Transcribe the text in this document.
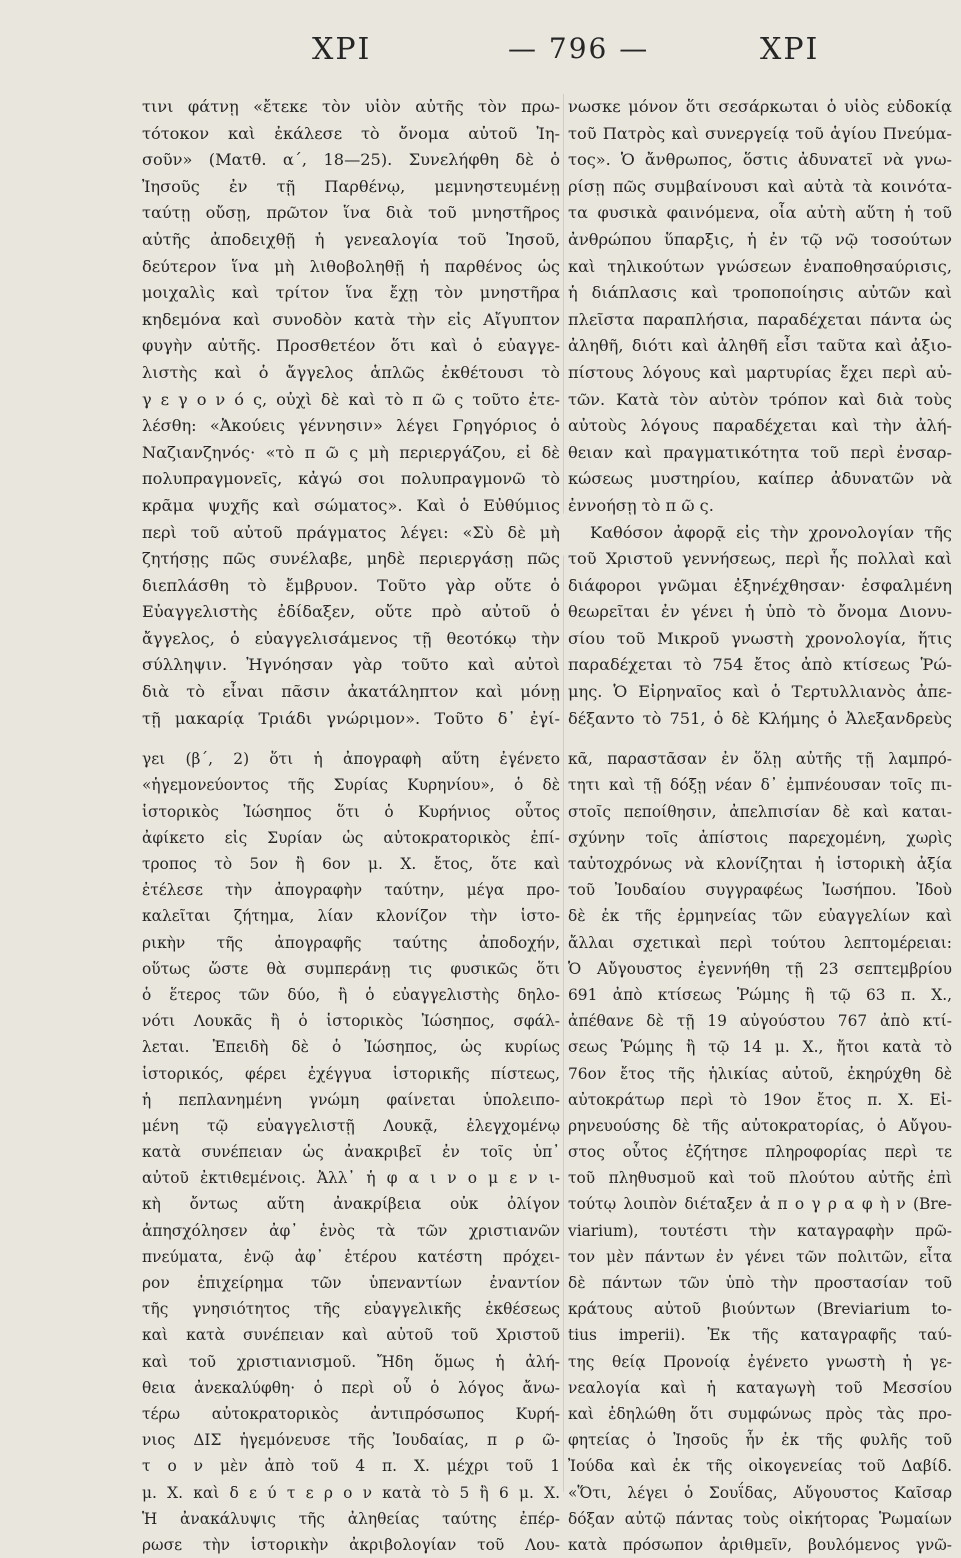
ΧΡΙ	— 796 —	ΧΡΙ
τινι φάτνῃ «ἔτεκε τὸν υἱὸν αὐτῆς τὸν πρω-
τότοκον καὶ ἐκάλεσε τὸ ὄνομα αὐτοῦ Ἰη-
σοῦν» (Ματθ. α΄, 18—25). Συνελήφθη δὲ ὁ
Ἰησοῦς ἐν τῇ Παρθένῳ, μεμνηστευμένῃ
ταύτῃ οὔσῃ, πρῶτον ἵνα διὰ τοῦ μνηστῆρος
αὐτῆς ἀποδειχθῇ ἡ γενεαλογία τοῦ Ἰησοῦ,
δεύτερον ἵνα μὴ λιθοβοληθῇ ἡ παρθένος ὡς
μοιχαλὶς καὶ τρίτον ἵνα ἔχῃ τὸν μνηστῆρα
κηδεμόνα καὶ συνοδὸν κατὰ τὴν εἰς Αἴγυπτον
φυγὴν αὐτῆς. Προσθετέον ὅτι καὶ ὁ εὐαγγε-
λιστὴς καὶ ὁ ἄγγελος ἁπλῶς ἐκθέτουσι τὸ
γ ε γ ο ν ό ς, οὐχὶ δὲ καὶ τὸ π ῶ ς τοῦτο ἐτε-
λέσθη: «Ἀκούεις γέννησιν» λέγει Γρηγόριος ὁ
Ναζιανζηνός· «τὸ π ῶ ς μὴ περιεργάζου, εἰ δὲ
πολυπραγμονεῖς, κἀγώ σοι πολυπραγμονῶ τὸ
κρᾶμα ψυχῆς καὶ σώματος». Καὶ ὁ Εὐθύμιος
περὶ τοῦ αὐτοῦ πράγματος λέγει: «Σὺ δὲ μὴ
ζητήσῃς πῶς συνέλαβε, μηδὲ περιεργάσῃ πῶς
διεπλάσθη τὸ ἔμβρυον. Τοῦτο γὰρ οὔτε ὁ
Εὐαγγελιστὴς ἐδίδαξεν, οὔτε πρὸ αὐτοῦ ὁ
ἄγγελος, ὁ εὐαγγελισάμενος τῇ θεοτόκῳ τὴν
σύλληψιν. Ἠγνόησαν γὰρ τοῦτο καὶ αὐτοὶ
διὰ τὸ εἶναι πᾶσιν ἀκατάληπτον καὶ μόνῃ
τῇ μακαρίᾳ Τριάδι γνώριμον». Τοῦτο δ᾽ ἐγί-
γει (β΄, 2) ὅτι ἡ ἀπογραφὴ αὕτη ἐγένετο
«ἡγεμονεύοντος τῆς Συρίας Κυρηνίου», ὁ δὲ
ἱστορικὸς Ἰώσηπος ὅτι ὁ Κυρήνιος οὗτος
ἀφίκετο εἰς Συρίαν ὡς αὐτοκρατορικὸς ἐπί-
τροπος τὸ 5ον ἢ 6ον μ. Χ. ἔτος, ὅτε καὶ
ἐτέλεσε τὴν ἀπογραφὴν ταύτην, μέγα προ-
καλεῖται ζήτημα, λίαν κλονίζον τὴν ἱστο-
ρικὴν τῆς ἀπογραφῆς ταύτης ἀποδοχήν,
οὕτως ὥστε θὰ συμπεράνῃ τις φυσικῶς ὅτι
ὁ ἕτερος τῶν δύο, ἢ ὁ εὐαγγελιστὴς δηλο-
νότι Λουκᾶς ἢ ὁ ἱστορικὸς Ἰώσηπος, σφάλ-
λεται. Ἐπειδὴ δὲ ὁ Ἰώσηπος, ὡς κυρίως
ἱστορικός, φέρει ἐχέγγυα ἱστορικῆς πίστεως,
ἡ πεπλανημένη γνώμη φαίνεται ὑπολειπο-
μένη τῷ εὐαγγελιστῇ Λουκᾷ, ἐλεγχομένῳ
κατὰ συνέπειαν ὡς ἀνακριβεῖ ἐν τοῖς ὑπ᾽
αὐτοῦ ἐκτιθεμένοις. Ἀλλ᾽ ἡ φ α ι ν ο μ ε ν ι-
κὴ ὄντως αὕτη ἀνακρίβεια οὐκ ὀλίγον
ἀπησχόλησεν ἀφ᾽ ἑνὸς τὰ τῶν χριστιανῶν
πνεύματα, ἐνῷ ἀφ᾽ ἑτέρου κατέστη πρόχει-
ρον ἐπιχείρημα τῶν ὑπεναντίων ἐναντίον
τῆς γνησιότητος τῆς εὐαγγελικῆς ἐκθέσεως
καὶ κατὰ συνέπειαν καὶ αὐτοῦ τοῦ Χριστοῦ
καὶ τοῦ χριστιανισμοῦ. Ἤδη ὅμως ἡ ἀλή-
θεια ἀνεκαλύφθη· ὁ περὶ οὗ ὁ λόγος ἄνω-
τέρω αὐτοκρατορικὸς ἀντιπρόσωπος Κυρή-
νιος ΔΙΣ ἡγεμόνευσε τῆς Ἰουδαίας, π ρ ῶ-
τ ο ν μὲν ἀπὸ τοῦ 4 π. Χ. μέχρι τοῦ 1
μ. Χ. καὶ δ ε ύ τ ε ρ ο ν κατὰ τὸ 5 ἢ 6 μ. Χ.
Ἡ ἀνακάλυψις τῆς ἀληθείας ταύτης ἐπέρ-
ρωσε τὴν ἱστορικὴν ἀκριβολογίαν τοῦ Λου-
νωσκε μόνον ὅτι σεσάρκωται ὁ υἱὸς εὐδοκίᾳ
τοῦ Πατρὸς καὶ συνεργείᾳ τοῦ ἁγίου Πνεύμα-
τος». Ὁ ἄνθρωπος, ὅστις ἀδυνατεῖ νὰ γνω-
ρίσῃ πῶς συμβαίνουσι καὶ αὐτὰ τὰ κοινότα-
τα φυσικὰ φαινόμενα, οἷα αὐτὴ αὕτη ἡ τοῦ
ἀνθρώπου ὕπαρξις, ἡ ἐν τῷ νῷ τοσούτων
καὶ τηλικούτων γνώσεων ἐναποθησαύρισις,
ἡ διάπλασις καὶ τροποποίησις αὐτῶν καὶ
πλεῖστα παραπλήσια, παραδέχεται πάντα ὡς
ἀληθῆ, διότι καὶ ἀληθῆ εἶσι ταῦτα καὶ ἀξιο-
πίστους λόγους καὶ μαρτυρίας ἔχει περὶ αὐ-
τῶν. Κατὰ τὸν αὐτὸν τρόπον καὶ διὰ τοὺς
αὐτοὺς λόγους παραδέχεται καὶ τὴν ἀλή-
θειαν καὶ πραγματικότητα τοῦ περὶ ἐνσαρ-
κώσεως μυστηρίου, καίπερ ἀδυνατῶν νὰ
ἐννοήσῃ τὸ π ῶ ς.
Καθόσον ἀφορᾷ εἰς τὴν χρονολογίαν τῆς
τοῦ Χριστοῦ γεννήσεως, περὶ ἧς πολλαὶ καὶ
διάφοροι γνῶμαι ἐξηνέχθησαν· ἐσφαλμένη
θεωρεῖται ἐν γένει ἡ ὑπὸ τὸ ὄνομα Διονυ-
σίου τοῦ Μικροῦ γνωστὴ χρονολογία, ἥτις
παραδέχεται τὸ 754 ἔτος ἀπὸ κτίσεως Ῥώ-
μης. Ὁ Εἰρηναῖος καὶ ὁ Τερτυλλιανὸς ἀπε-
δέξαντο τὸ 751, ὁ δὲ Κλήμης ὁ Ἀλεξανδρεὺς
κᾶ, παραστᾶσαν ἐν ὅλῃ αὐτῆς τῇ λαμπρό-
τητι καὶ τῇ δόξῃ νέαν δ᾽ ἐμπνέουσαν τοῖς πι-
στοῖς πεποίθησιν, ἀπελπισίαν δὲ καὶ καται-
σχύνην τοῖς ἀπίστοις παρεχομένη, χωρὶς
ταὐτοχρόνως νὰ κλονίζηται ἡ ἱστορικὴ ἀξία
τοῦ Ἰουδαίου συγγραφέως Ἰωσήπου. Ἰδοὺ
δὲ ἐκ τῆς ἑρμηνείας τῶν εὐαγγελίων καὶ
ἄλλαι σχετικαὶ περὶ τούτου λεπτομέρειαι:
Ὁ Αὔγουστος ἐγεννήθη τῇ 23 σεπτεμβρίου
691 ἀπὸ κτίσεως Ῥώμης ἢ τῷ 63 π. Χ.,
ἀπέθανε δὲ τῇ 19 αὐγούστου 767 ἀπὸ κτί-
σεως Ῥώμης ἢ τῷ 14 μ. Χ., ἤτοι κατὰ τὸ
76ον ἔτος τῆς ἡλικίας αὐτοῦ, ἐκηρύχθη δὲ
αὐτοκράτωρ περὶ τὸ 19ον ἔτος π. Χ. Εἰ-
ρηνευούσης δὲ τῆς αὐτοκρατορίας, ὁ Αὔγου-
στος οὗτος ἐζήτησε πληροφορίας περὶ τε
τοῦ πληθυσμοῦ καὶ τοῦ πλούτου αὐτῆς ἐπὶ
τούτῳ λοιπὸν διέταξεν ἀ π ο γ ρ α φ ὴ ν (Bre-
viarium), τουτέστι τὴν καταγραφὴν πρῶ-
τον μὲν πάντων ἐν γένει τῶν πολιτῶν, εἶτα
δὲ πάντων τῶν ὑπὸ τὴν προστασίαν τοῦ
κράτους αὐτοῦ βιούντων (Breviarium to-
tius imperii). Ἐκ τῆς καταγραφῆς ταύ-
της θείᾳ Προνοίᾳ ἐγένετο γνωστὴ ἡ γε-
νεαλογία καὶ ἡ καταγωγὴ τοῦ Μεσσίου
καὶ ἐδηλώθη ὅτι συμφώνως πρὸς τὰς προ-
φητείας ὁ Ἰησοῦς ἦν ἐκ τῆς φυλῆς τοῦ
Ἰούδα καὶ ἐκ τῆς οἰκογενείας τοῦ Δαβίδ.
«Ὅτι, λέγει ὁ Σουΐδας, Αὔγουστος Καῖσαρ
δόξαν αὐτῷ πάντας τοὺς οἰκήτορας Ῥωμαίων
κατὰ πρόσωπον ἀριθμεῖν, βουλόμενος γνῶ-
